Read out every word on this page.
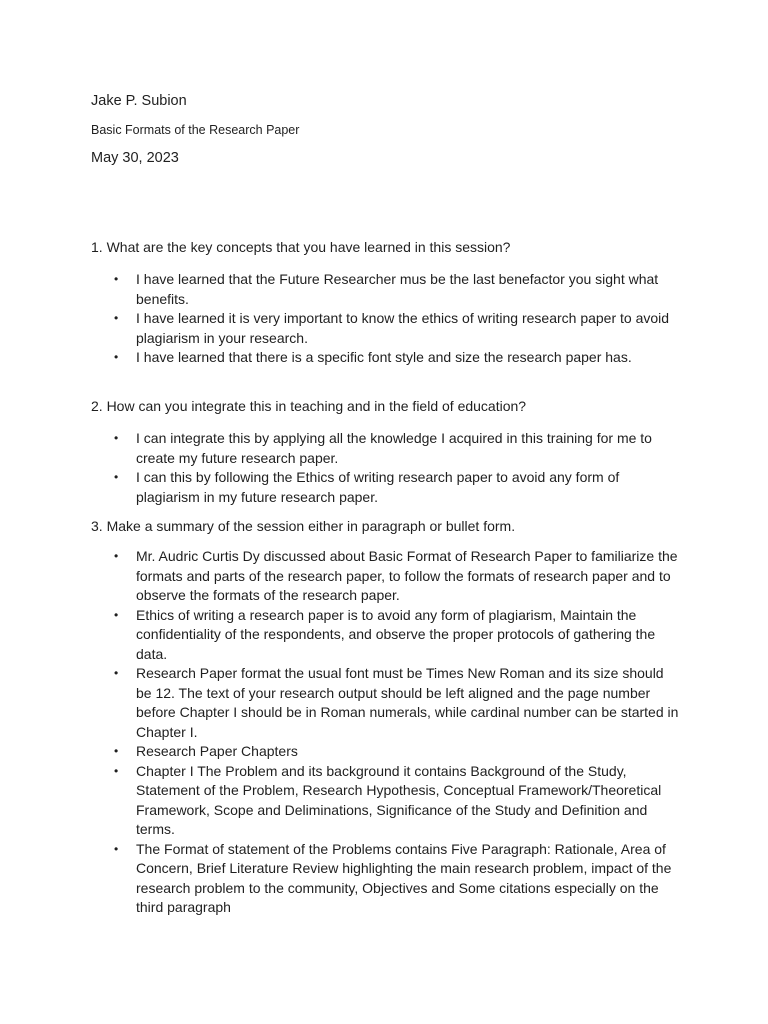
Jake P. Subion

Basic Formats of the Research Paper

May 30, 2023

1. What are the key concepts that you have learned in this session?

• I have learned that the Future Researcher mus be the last benefactor you sight what benefits.
• I have learned it is very important to know the ethics of writing research paper to avoid plagiarism in your research.
• I have learned that there is a specific font style and size the research paper has.

2. How can you integrate this in teaching and in the field of education?

• I can integrate this by applying all the knowledge I acquired in this training for me to create my future research paper.
• I can this by following the Ethics of writing research paper to avoid any form of plagiarism in my future research paper.

3. Make a summary of the session either in paragraph or bullet form.

• Mr. Audric Curtis Dy discussed about Basic Format of Research Paper to familiarize the formats and parts of the research paper, to follow the formats of research paper and to observe the formats of the research paper.
• Ethics of writing a research paper is to avoid any form of plagiarism, Maintain the confidentiality of the respondents, and observe the proper protocols of gathering the data.
• Research Paper format the usual font must be Times New Roman and its size should be 12. The text of your research output should be left aligned and the page number before Chapter I should be in Roman numerals, while cardinal number can be started in Chapter I.
• Research Paper Chapters
• Chapter I The Problem and its background it contains Background of the Study, Statement of the Problem, Research Hypothesis, Conceptual Framework/Theoretical Framework, Scope and Deliminations, Significance of the Study and Definition and terms.
• The Format of statement of the Problems contains Five Paragraph: Rationale, Area of Concern, Brief Literature Review highlighting the main research problem, impact of the research problem to the community, Objectives and Some citations especially on the third paragraph
